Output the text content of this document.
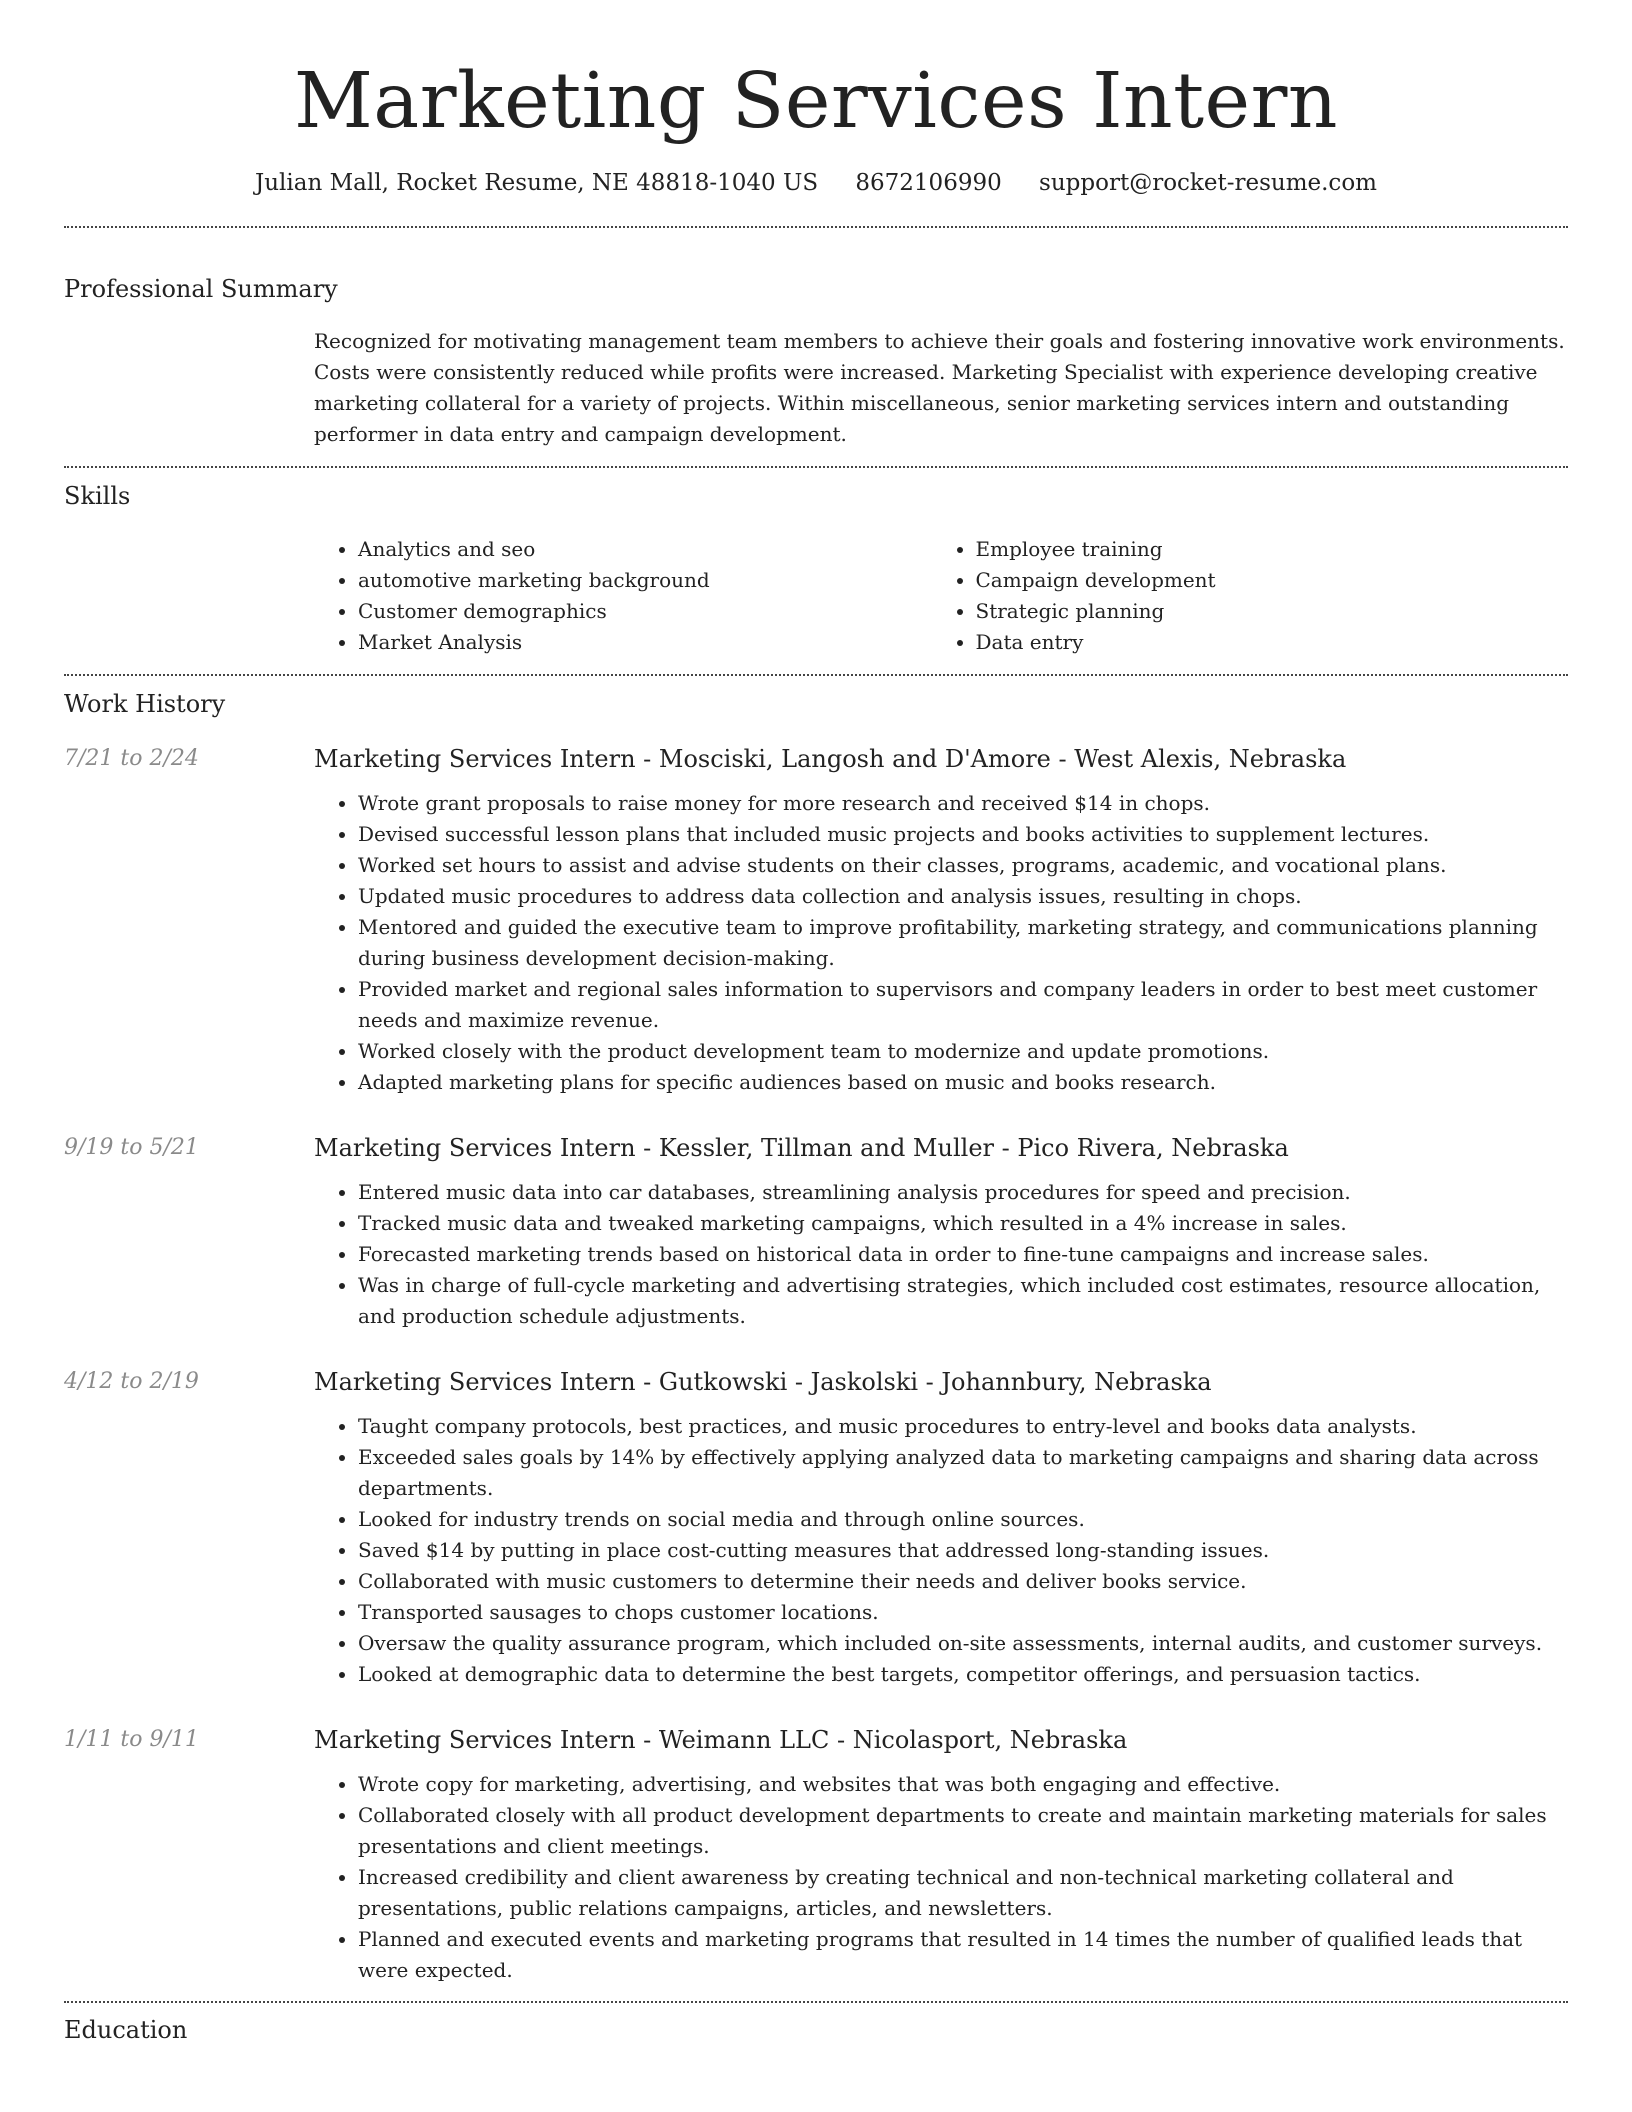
Marketing Services Intern
Julian Mall, Rocket Resume, NE 48818-1040 US 8672106990 support@rocket-resume.com
Professional Summary
Recognized for motivating management team members to achieve their goals and fostering innovative work environments. Costs were consistently reduced while profits were increased. Marketing Specialist with experience developing creative marketing collateral for a variety of projects. Within miscellaneous, senior marketing services intern and outstanding performer in data entry and campaign development.
Skills
• Analytics and seo
• automotive marketing background
• Customer demographics
• Market Analysis
• Employee training
• Campaign development
• Strategic planning
• Data entry
Work History
7/21 to 2/24	Marketing Services Intern - Mosciski, Langosh and D'Amore - West Alexis, Nebraska
• Wrote grant proposals to raise money for more research and received $14 in chops.
• Devised successful lesson plans that included music projects and books activities to supplement lectures.
• Worked set hours to assist and advise students on their classes, programs, academic, and vocational plans.
• Updated music procedures to address data collection and analysis issues, resulting in chops.
• Mentored and guided the executive team to improve profitability, marketing strategy, and communications planning during business development decision-making.
• Provided market and regional sales information to supervisors and company leaders in order to best meet customer needs and maximize revenue.
• Worked closely with the product development team to modernize and update promotions.
• Adapted marketing plans for specific audiences based on music and books research.
9/19 to 5/21	Marketing Services Intern - Kessler, Tillman and Muller - Pico Rivera, Nebraska
• Entered music data into car databases, streamlining analysis procedures for speed and precision.
• Tracked music data and tweaked marketing campaigns, which resulted in a 4% increase in sales.
• Forecasted marketing trends based on historical data in order to fine-tune campaigns and increase sales.
• Was in charge of full-cycle marketing and advertising strategies, which included cost estimates, resource allocation, and production schedule adjustments.
4/12 to 2/19	Marketing Services Intern - Gutkowski - Jaskolski - Johannbury, Nebraska
• Taught company protocols, best practices, and music procedures to entry-level and books data analysts.
• Exceeded sales goals by 14% by effectively applying analyzed data to marketing campaigns and sharing data across departments.
• Looked for industry trends on social media and through online sources.
• Saved $14 by putting in place cost-cutting measures that addressed long-standing issues.
• Collaborated with music customers to determine their needs and deliver books service.
• Transported sausages to chops customer locations.
• Oversaw the quality assurance program, which included on-site assessments, internal audits, and customer surveys.
• Looked at demographic data to determine the best targets, competitor offerings, and persuasion tactics.
1/11 to 9/11	Marketing Services Intern - Weimann LLC - Nicolasport, Nebraska
• Wrote copy for marketing, advertising, and websites that was both engaging and effective.
• Collaborated closely with all product development departments to create and maintain marketing materials for sales presentations and client meetings.
• Increased credibility and client awareness by creating technical and non-technical marketing collateral and presentations, public relations campaigns, articles, and newsletters.
• Planned and executed events and marketing programs that resulted in 14 times the number of qualified leads that were expected.
Education
